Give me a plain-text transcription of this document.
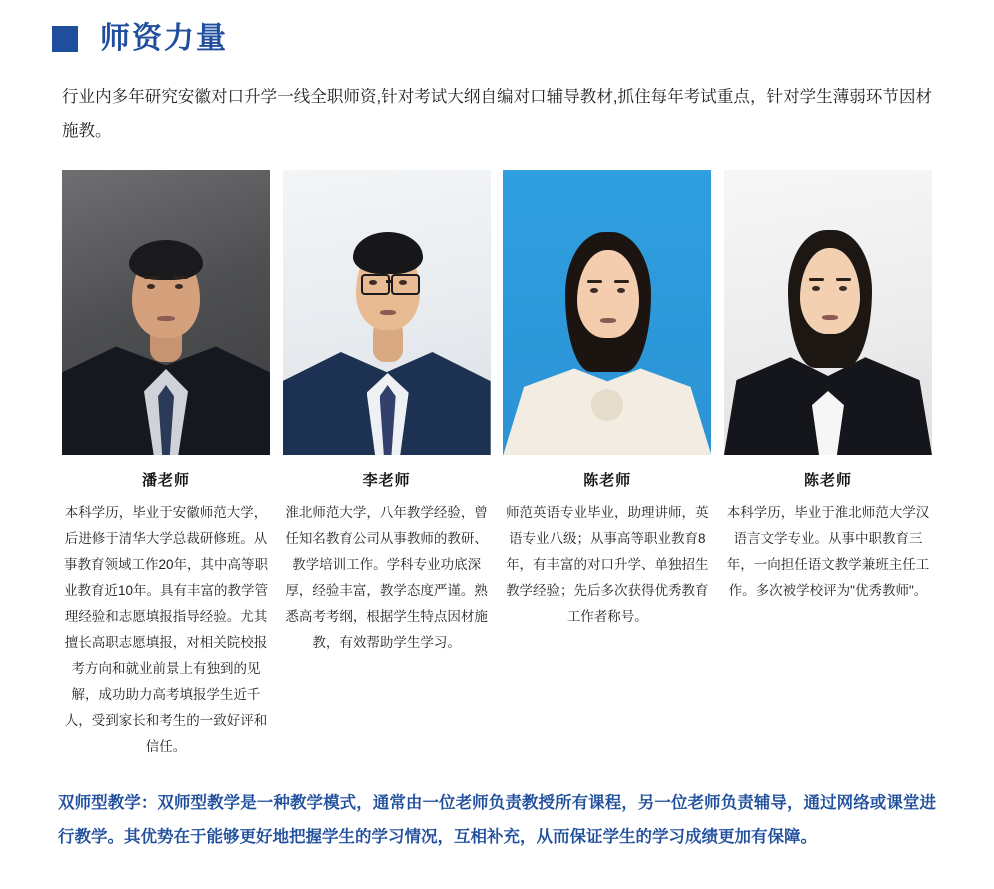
师资力量
行业内多年研究安徽对口升学一线全职师资,针对考试大纲自编对口辅导教材,抓住每年考试重点，针对学生薄弱环节因材施教。
潘老师
本科学历，毕业于安徽师范大学，后进修于清华大学总裁研修班。从事教育领域工作20年，其中高等职业教育近10年。具有丰富的教学管理经验和志愿填报指导经验。尤其擅长高职志愿填报，对相关院校报考方向和就业前景上有独到的见解，成功助力高考填报学生近千人，受到家长和考生的一致好评和信任。
李老师
淮北师范大学，八年教学经验，曾任知名教育公司从事教师的教研、教学培训工作。学科专业功底深厚，经验丰富，教学态度严谨。熟悉高考考纲，根据学生特点因材施教，有效帮助学生学习。
陈老师
师范英语专业毕业，助理讲师，英语专业八级；从事高等职业教育8年，有丰富的对口升学、单独招生教学经验；先后多次获得优秀教育工作者称号。
陈老师
本科学历，毕业于淮北师范大学汉语言文学专业。从事中职教育三年，一向担任语文教学兼班主任工作。多次被学校评为"优秀教师"。
双师型教学：双师型教学是一种教学模式，通常由一位老师负责教授所有课程，另一位老师负责辅导，通过网络或课堂进行教学。其优势在于能够更好地把握学生的学习情况，互相补充，从而保证学生的学习成绩更加有保障。
